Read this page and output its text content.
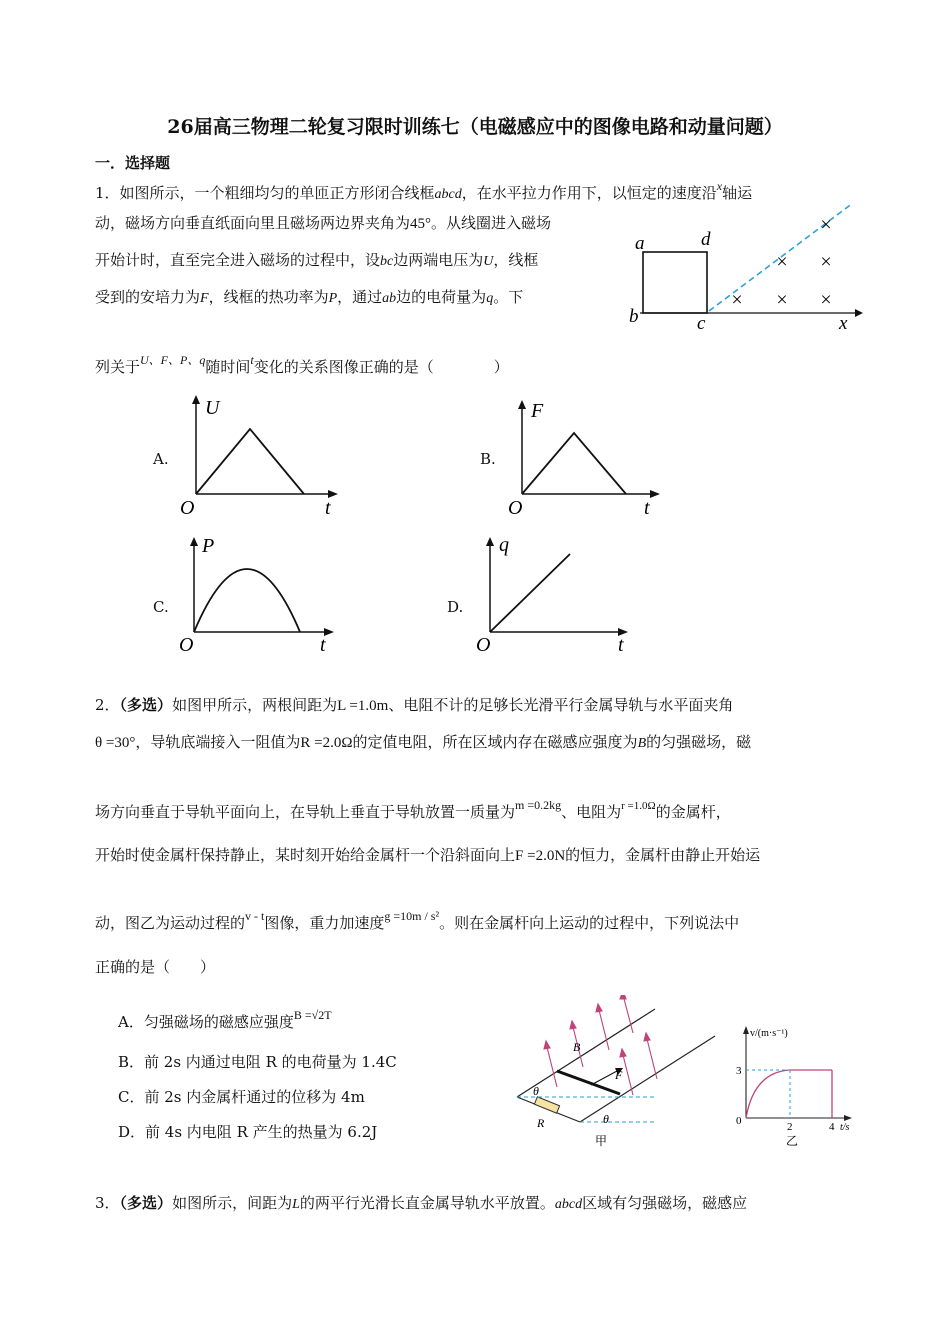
26届高三物理二轮复习限时训练七（电磁感应中的图像电路和动量问题）
一．选择题
1．如图所示，一个粗细均匀的单匝正方形闭合线框abcd，在水平拉力作用下，以恒定的速度沿$^x$轴运
动，磁场方向垂直纸面向里且磁场两边界夹角为45°。从线圈进入磁场
开始计时，直至完全进入磁场的过程中，设bc边两端电压为U，线框
受到的安培力为F，线框的热功率为P，通过ab边的电荷量为q。下
列关于$^{U、F、P、q}$随时间$^t$变化的关系图像正确的是（　　　　）
a	d
b	c	x
×
× ×
× × ×
A.
U
O	t
B.
F
O	t
C.
P
O	t
D.
q
O	t
2．（多选）如图甲所示，两根间距为L =1.0m、电阻不计的足够长光滑平行金属导轨与水平面夹角
θ =30°，导轨底端接入一阻值为R =2.0Ω的定值电阻，所在区域内存在磁感应强度为B的匀强磁场，磁
场方向垂直于导轨平面向上，在导轨上垂直于导轨放置一质量为$^{m =0.2kg}$、电阻为$^{r =1.0\Omega}$的金属杆，
开始时使金属杆保持静止，某时刻开始给金属杆一个沿斜面向上F =2.0N的恒力，金属杆由静止开始运
动，图乙为运动过程的$^{v - t}$图像，重力加速度$^{g =10m / s^2}$。则在金属杆向上运动的过程中，下列说法中
正确的是（　　）
A．匀强磁场的磁感应强度$^{B =√2T}$
B．前 2s 内通过电阻 R 的电荷量为 1.4C
C．前 2s 内金属杆通过的位移为 4m
D．前 4s 内电阻 R 产生的热量为 6.2J
B
F
θ
θ
R
甲
v/(m·s⁻¹)
3
0	2	4 t/s
乙
3．（多选）如图所示，间距为L的两平行光滑长直金属导轨水平放置。abcd区域有匀强磁场，磁感应
